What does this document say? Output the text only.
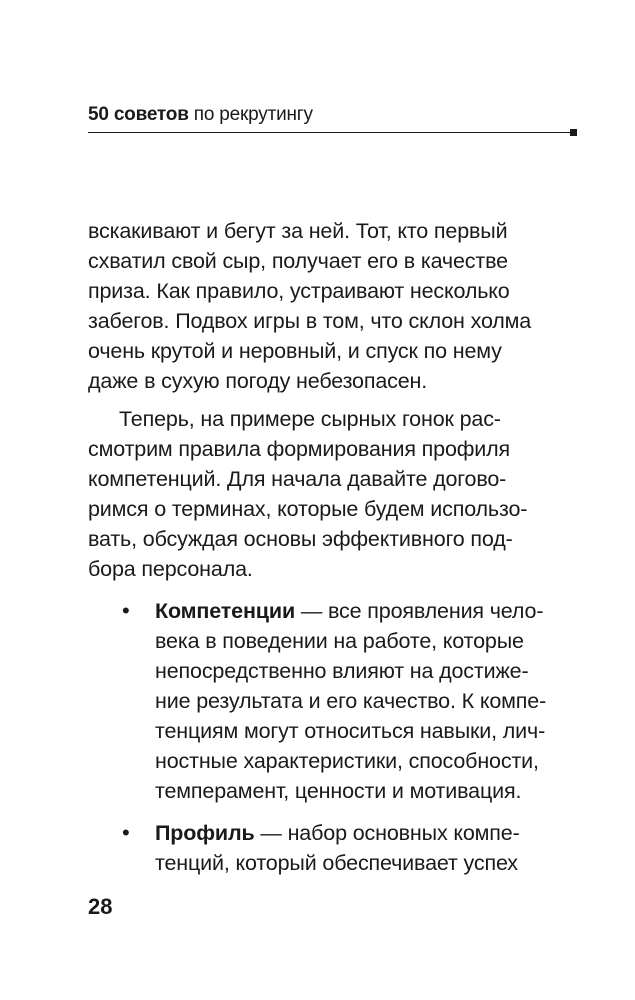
50 советов по рекрутингу
вскакивают и бегут за ней. Тот, кто первый
схватил свой сыр, получает его в качестве
приза. Как правило, устраивают несколько
забегов. Подвох игры в том, что склон холма
очень крутой и неровный, и спуск по нему
даже в сухую погоду небезопасен.
Теперь, на примере сырных гонок рас-
смотрим правила формирования профиля
компетенций. Для начала давайте догово-
римся о терминах, которые будем использо-
вать, обсуждая основы эффективного под-
бора персонала.
• Компетенции — все проявления чело-
века в поведении на работе, которые
непосредственно влияют на достиже-
ние результата и его качество. К компе-
тенциям могут относиться навыки, лич-
ностные характеристики, способности,
темперамент, ценности и мотивация.
• Профиль — набор основных компе-
тенций, который обеспечивает успех
28
